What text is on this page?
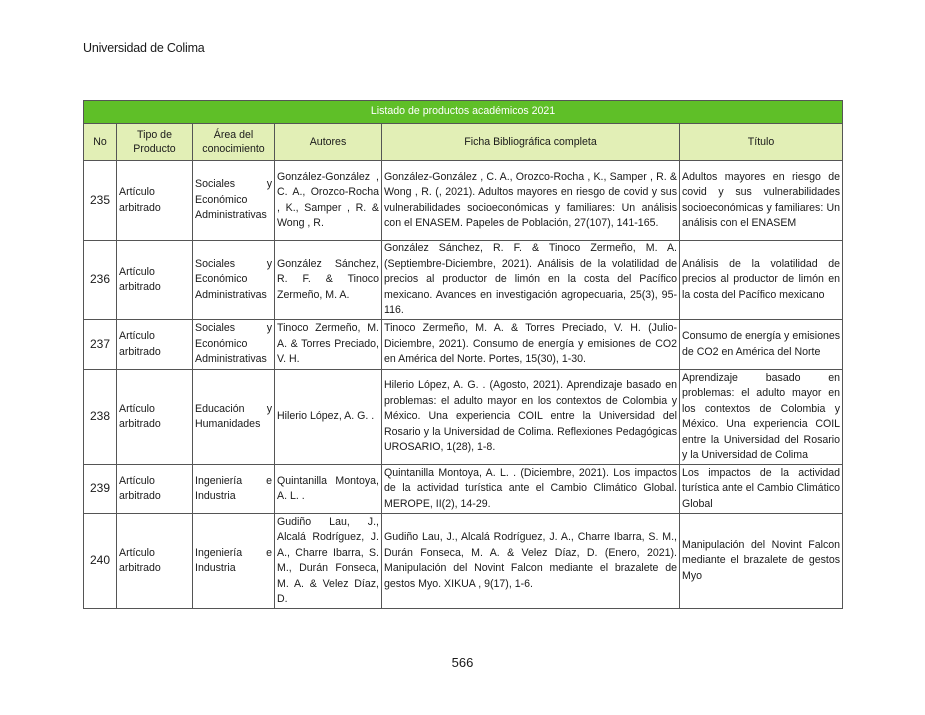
Universidad de Colima
Listado de productos académicos 2021					
No	Tipo de Producto	Área del conocimiento	Autores	Ficha Bibliográfica completa	Título
235	Artículo arbitrado	Sociales y Económico Administrativas	González-González , C. A., Orozco-Rocha , K., Samper , R. & Wong , R.	González-González , C. A., Orozco-Rocha , K., Samper , R. & Wong , R. (, 2021). Adultos mayores en riesgo de covid y sus vulnerabilidades socioeconómicas y familiares: Un análisis con el ENASEM. Papeles de Población, 27(107), 141-165.	Adultos mayores en riesgo de covid y sus vulnerabilidades socioeconómicas y familiares: Un análisis con el ENASEM
236	Artículo arbitrado	Sociales y Económico Administrativas	González Sánchez, R. F. & Tinoco Zermeño, M. A.	González Sánchez, R. F. & Tinoco Zermeño, M. A. (Septiembre-Diciembre, 2021). Análisis de la volatilidad de precios al productor de limón en la costa del Pacífico mexicano. Avances en investigación agropecuaria, 25(3), 95-116.	Análisis de la volatilidad de precios al productor de limón en la costa del Pacífico mexicano
237	Artículo arbitrado	Sociales y Económico Administrativas	Tinoco Zermeño, M. A. & Torres Preciado, V. H.	Tinoco Zermeño, M. A. & Torres Preciado, V. H. (Julio-Diciembre, 2021). Consumo de energía y emisiones de CO2 en América del Norte. Portes, 15(30), 1-30.	Consumo de energía y emisiones de CO2 en América del Norte
238	Artículo arbitrado	Educación y Humanidades	Hilerio López, A. G. .	Hilerio López, A. G. . (Agosto, 2021). Aprendizaje basado en problemas: el adulto mayor en los contextos de Colombia y México. Una experiencia COIL entre la Universidad del Rosario y la Universidad de Colima. Reflexiones Pedagógicas UROSARIO, 1(28), 1-8.	Aprendizaje basado en problemas: el adulto mayor en los contextos de Colombia y México. Una experiencia COIL entre la Universidad del Rosario y la Universidad de Colima
239	Artículo arbitrado	Ingeniería e Industria	Quintanilla Montoya, A. L. .	Quintanilla Montoya, A. L. . (Diciembre, 2021). Los impactos de la actividad turística ante el Cambio Climático Global. MEROPE, II(2), 14-29.	Los impactos de la actividad turística ante el Cambio Climático Global
240	Artículo arbitrado	Ingeniería e Industria	Gudiño Lau, J., Alcalá Rodríguez, J. A., Charre Ibarra, S. M., Durán Fonseca, M. A. & Velez Díaz, D.	Gudiño Lau, J., Alcalá Rodríguez, J. A., Charre Ibarra, S. M., Durán Fonseca, M. A. & Velez Díaz, D. (Enero, 2021). Manipulación del Novint Falcon mediante el brazalete de gestos Myo. XIKUA , 9(17), 1-6.	Manipulación del Novint Falcon mediante el brazalete de gestos Myo
566
